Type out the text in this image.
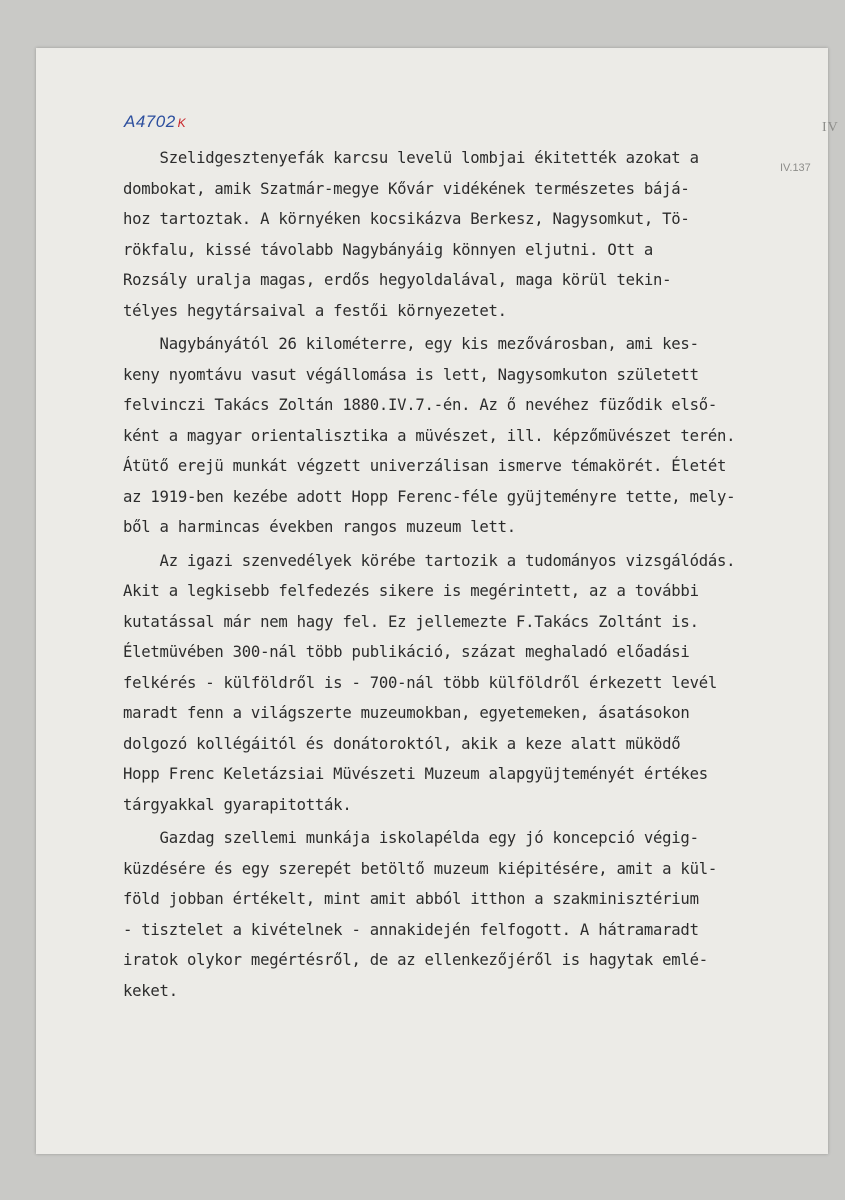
A4702 K	IV
IV.137
Szelidgesztenyefák karcsu levelü lombjai ékitették azokat a
dombokat, amik Szatmár-megye Kővár vidékének természetes bájá-
hoz tartoztak. A környéken kocsikázva Berkesz, Nagysomkut, Tö-
rökfalu, kissé távolabb Nagybányáig könnyen eljutni. Ott a
Rozsály uralja magas, erdős hegyoldalával, maga körül tekin-
télyes hegytársaival a festői környezetet.
Nagybányától 26 kilométerre, egy kis mezővárosban, ami kes-
keny nyomtávu vasut végállomása is lett, Nagysomkuton született
felvinczi Takács Zoltán 1880.IV.7.-én. Az ő nevéhez füződik első-
ként a magyar orientalisztika a müvészet, ill. képzőmüvészet terén.
Átütő erejü munkát végzett univerzálisan ismerve témakörét. Életét
az 1919-ben kezébe adott Hopp Ferenc-féle gyüjteményre tette, mely-
ből a harmincas években rangos muzeum lett.
Az igazi szenvedélyek körébe tartozik a tudományos vizsgálódás.
Akit a legkisebb felfedezés sikere is megérintett, az a további
kutatással már nem hagy fel. Ez jellemezte F.Takács Zoltánt is.
Életmüvében 300-nál több publikáció, százat meghaladó előadási
felkérés - külföldről is - 700-nál több külföldről érkezett levél
maradt fenn a világszerte muzeumokban, egyetemeken, ásatásokon
dolgozó kollégáitól és donátoroktól, akik a keze alatt müködő
Hopp Frenc Keletázsiai Müvészeti Muzeum alapgyüjteményét értékes
tárgyakkal gyarapitották.
Gazdag szellemi munkája iskolapélda egy jó koncepció végig-
küzdésére és egy szerepét betöltő muzeum kiépitésére, amit a kül-
föld jobban értékelt, mint amit abból itthon a szakminisztérium
- tisztelet a kivételnek - annakidején felfogott. A hátramaradt
iratok olykor megértésről, de az ellenkezőjéről is hagytak emlé-
keket.
